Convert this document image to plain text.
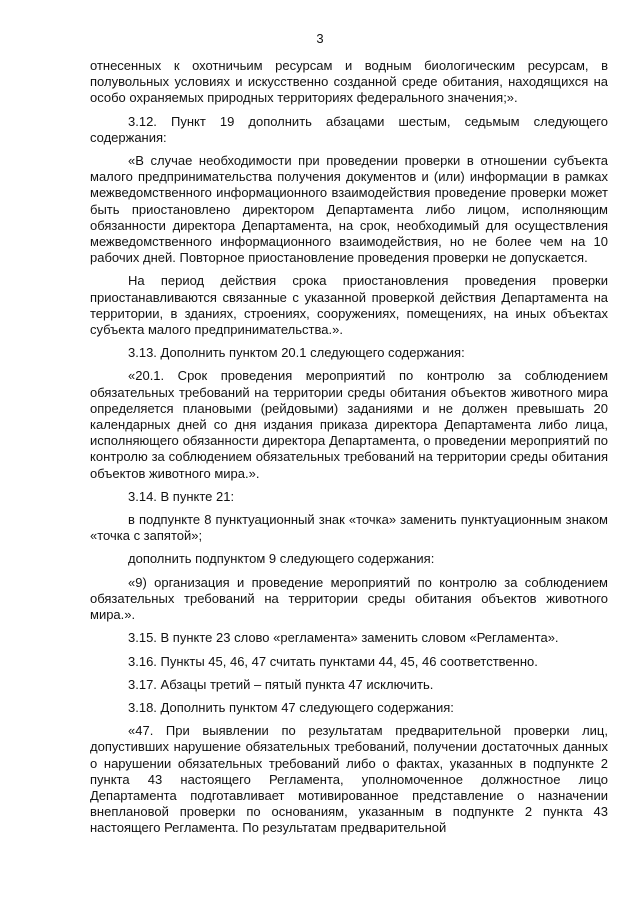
3

отнесенных к охотничьим ресурсам и водным биологическим ресурсам, в полувольных условиях и искусственно созданной среде обитания, находящихся на особо охраняемых природных территориях федерального значения;».

3.12. Пункт 19 дополнить абзацами шестым, седьмым следующего содержания:

«В случае необходимости при проведении проверки в отношении субъекта малого предпринимательства получения документов и (или) информации в рамках межведомственного информационного взаимодействия проведение проверки может быть приостановлено директором Департамента либо лицом, исполняющим обязанности директора Департамента, на срок, необходимый для осуществления межведомственного информационного взаимодействия, но не более чем на 10 рабочих дней. Повторное приостановление проведения проверки не допускается.

На период действия срока приостановления проведения проверки приостанавливаются связанные с указанной проверкой действия Департамента на территории, в зданиях, строениях, сооружениях, помещениях, на иных объектах субъекта малого предпринимательства.».

3.13. Дополнить пунктом 20.1 следующего содержания:

«20.1. Срок проведения мероприятий по контролю за соблюдением обязательных требований на территории среды обитания объектов животного мира определяется плановыми (рейдовыми) заданиями и не должен превышать 20 календарных дней со дня издания приказа директора Департамента либо лица, исполняющего обязанности директора Департамента, о проведении мероприятий по контролю за соблюдением обязательных требований на территории среды обитания объектов животного мира.».

3.14. В пункте 21:

в подпункте 8 пунктуационный знак «точка» заменить пунктуационным знаком «точка с запятой»;

дополнить подпунктом 9 следующего содержания:

«9) организация и проведение мероприятий по контролю за соблюдением обязательных требований на территории среды обитания объектов животного мира.».

3.15. В пункте 23 слово «регламента» заменить словом «Регламента».

3.16. Пункты 45, 46, 47 считать пунктами 44, 45, 46 соответственно.

3.17. Абзацы третий – пятый пункта 47 исключить.

3.18. Дополнить пунктом 47 следующего содержания:

«47. При выявлении по результатам предварительной проверки лиц, допустивших нарушение обязательных требований, получении достаточных данных о нарушении обязательных требований либо о фактах, указанных в подпункте 2 пункта 43 настоящего Регламента, уполномоченное должностное лицо Департамента подготавливает мотивированное представление о назначении внеплановой проверки по основаниям, указанным в подпункте 2 пункта 43 настоящего Регламента. По результатам предварительной
